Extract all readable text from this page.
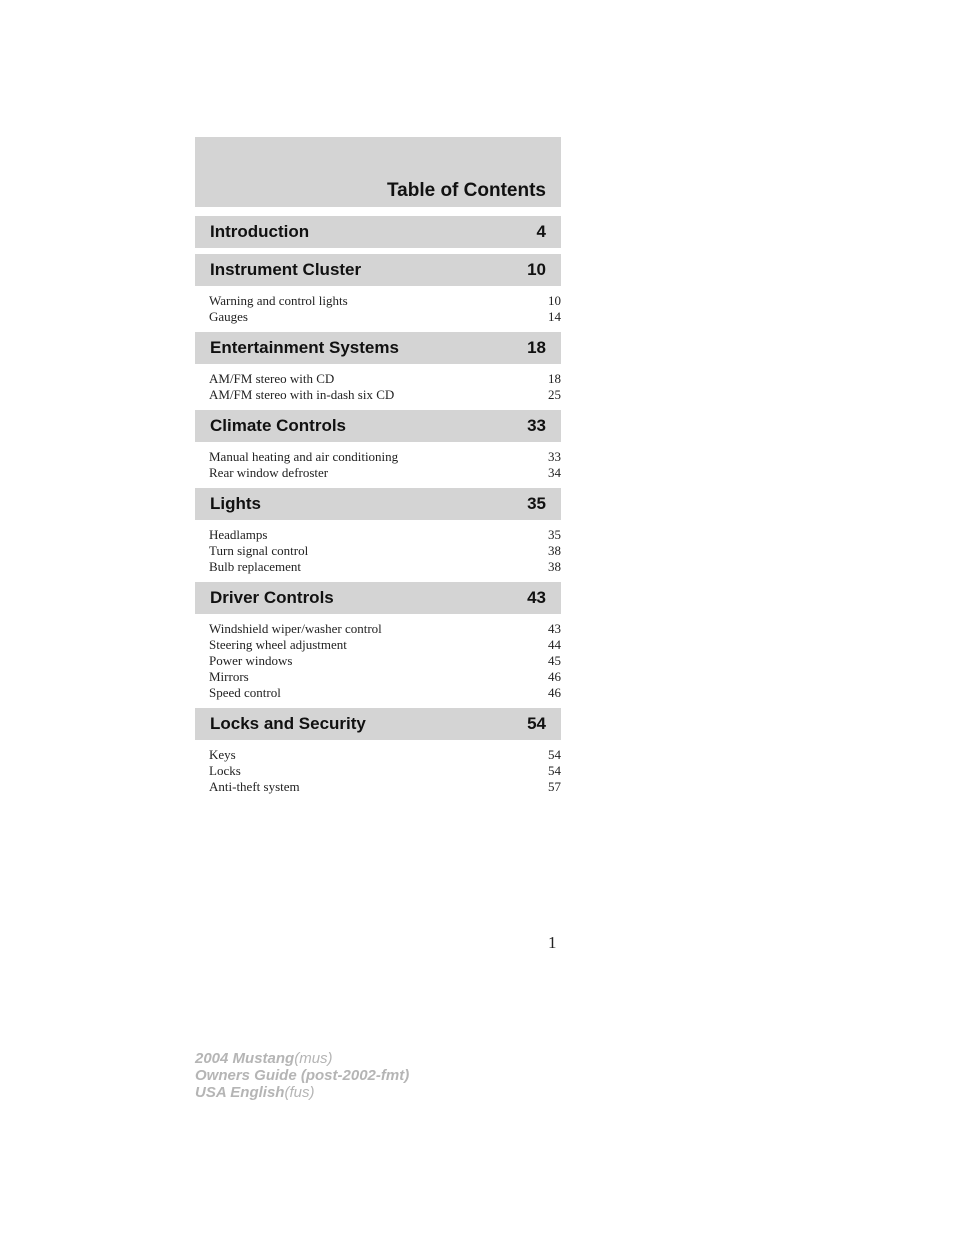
Table of Contents
Introduction	4
Instrument Cluster	10
Warning and control lights	10
Gauges	14
Entertainment Systems	18
AM/FM stereo with CD	18
AM/FM stereo with in-dash six CD	25
Climate Controls	33
Manual heating and air conditioning	33
Rear window defroster	34
Lights	35
Headlamps	35
Turn signal control	38
Bulb replacement	38
Driver Controls	43
Windshield wiper/washer control	43
Steering wheel adjustment	44
Power windows	45
Mirrors	46
Speed control	46
Locks and Security	54
Keys	54
Locks	54
Anti-theft system	57
1
2004 Mustang(mus)
Owners Guide (post-2002-fmt)
USA English(fus)
